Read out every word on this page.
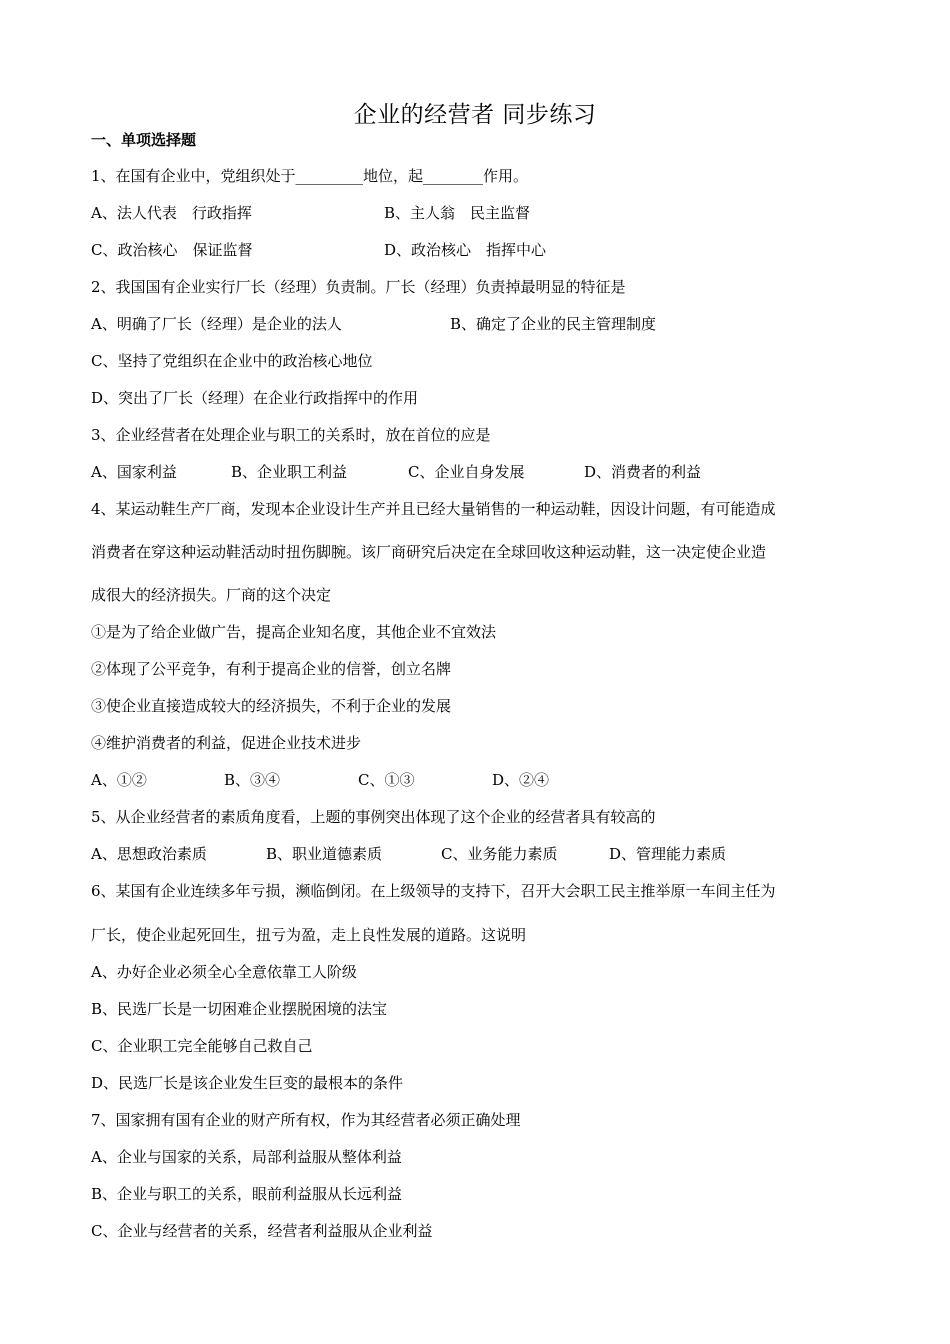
企业的经营者 同步练习
一、单项选择题
1、在国有企业中，党组织处于_________地位，起________作用。
A、法人代表　行政指挥	B、主人翁　民主监督
C、政治核心　保证监督	D、政治核心　指挥中心
2、我国国有企业实行厂长（经理）负责制。厂长（经理）负责掉最明显的特征是
A、明确了厂长（经理）是企业的法人	B、确定了企业的民主管理制度
C、坚持了党组织在企业中的政治核心地位
D、突出了厂长（经理）在企业行政指挥中的作用
3、企业经营者在处理企业与职工的关系时，放在首位的应是
A、国家利益	B、企业职工利益	C、企业自身发展	D、消费者的利益
4、某运动鞋生产厂商，发现本企业设计生产并且已经大量销售的一种运动鞋，因设计问题，有可能造成
消费者在穿这种运动鞋活动时扭伤脚腕。该厂商研究后决定在全球回收这种运动鞋，这一决定使企业造
成很大的经济损失。厂商的这个决定
①是为了给企业做广告，提高企业知名度，其他企业不宜效法
②体现了公平竞争，有利于提高企业的信誉，创立名牌
③使企业直接造成较大的经济损失，不利于企业的发展
④维护消费者的利益，促进企业技术进步
A、①②	B、③④	C、①③	D、②④
5、从企业经营者的素质角度看，上题的事例突出体现了这个企业的经营者具有较高的
A、思想政治素质	B、职业道德素质	C、业务能力素质	D、管理能力素质
6、某国有企业连续多年亏损，濒临倒闭。在上级领导的支持下，召开大会职工民主推举原一车间主任为
厂长，使企业起死回生，扭亏为盈，走上良性发展的道路。这说明
A、办好企业必须全心全意依靠工人阶级
B、民选厂长是一切困难企业摆脱困境的法宝
C、企业职工完全能够自己救自己
D、民选厂长是该企业发生巨变的最根本的条件
7、国家拥有国有企业的财产所有权，作为其经营者必须正确处理
A、企业与国家的关系，局部利益服从整体利益
B、企业与职工的关系，眼前利益服从长远利益
C、企业与经营者的关系，经营者利益服从企业利益
